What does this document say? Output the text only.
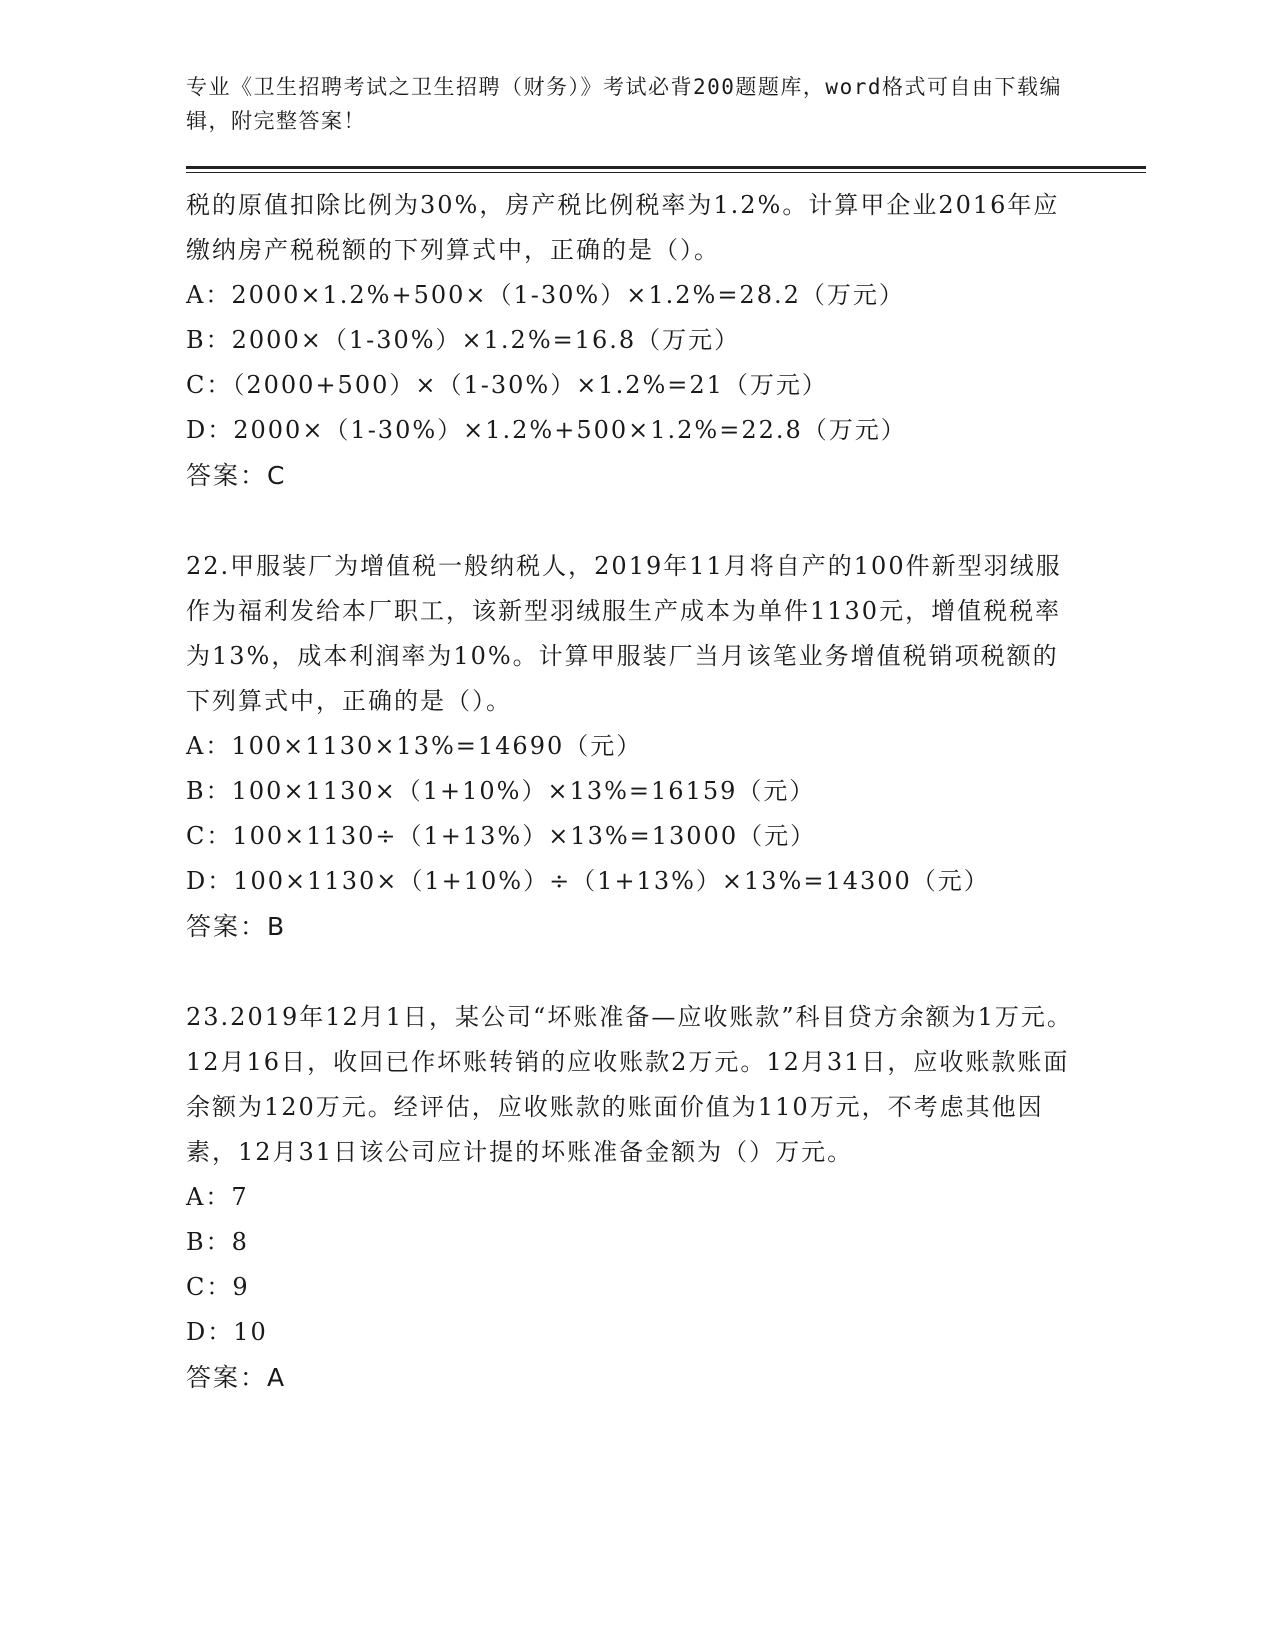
专业《卫生招聘考试之卫生招聘（财务）》考试必背200题题库，word格式可自由下载编辑，附完整答案！
税的原值扣除比例为30%，房产税比例税率为1.2%。计算甲企业2016年应缴纳房产税税额的下列算式中，正确的是（）。
A：2000×1.2%+500×（1-30%）×1.2%=28.2（万元）
B：2000×（1-30%）×1.2%=16.8（万元）
C：（2000+500）×（1-30%）×1.2%=21（万元）
D：2000×（1-30%）×1.2%+500×1.2%=22.8（万元）
答案：C
22.甲服装厂为增值税一般纳税人，2019年11月将自产的100件新型羽绒服作为福利发给本厂职工，该新型羽绒服生产成本为单件1130元，增值税税率为13%，成本利润率为10%。计算甲服装厂当月该笔业务增值税销项税额的下列算式中，正确的是（）。
A：100×1130×13%=14690（元）
B：100×1130×（1+10%）×13%=16159（元）
C：100×1130÷（1+13%）×13%=13000（元）
D：100×1130×（1+10%）÷（1+13%）×13%=14300（元）
答案：B
23.2019年12月1日，某公司“坏账准备—应收账款”科目贷方余额为1万元。12月16日，收回已作坏账转销的应收账款2万元。12月31日，应收账款账面余额为120万元。经评估，应收账款的账面价值为110万元，不考虑其他因素，12月31日该公司应计提的坏账准备金额为（）万元。
A：7
B：8
C：9
D：10
答案：A
